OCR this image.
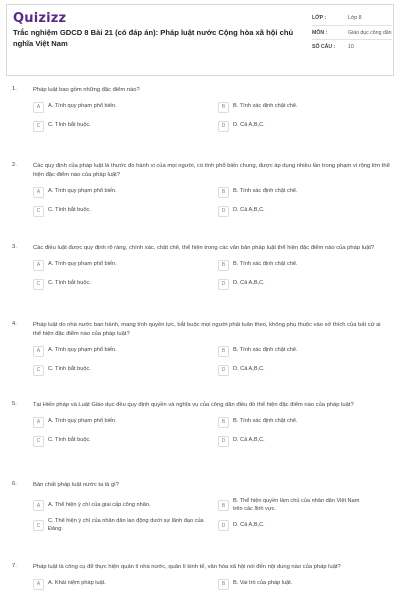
Quizizz
Trắc nghiệm GDCD 8 Bài 21 (có đáp án): Pháp luật nước Cộng hòa xã hội chủ nghĩa Việt Nam
LỚP :	Lớp 8
MÔN :	Giáo dục công dân
SỐ CÂU :	10
1.	Pháp luật bao gồm những đặc điểm nào?
A	A. Tính quy phạm phổ biến.	B	B. Tính xác định chặt chẽ.
C	C. Tính bắt buộc.	D	D. Cả A,B,C.
2.	Các quy định của pháp luật là thước đo hành vi của mọi người, có tính phổ biến chung, được áp dụng nhiều lần trong phạm vi rộng lớn thể hiện đặc điểm nào của pháp luật?
A	A. Tính quy phạm phổ biến.	B	B. Tính xác định chặt chẽ.
C	C. Tính bắt buộc.	D	D. Cả A,B,C.
3.	Các điều luật được quy định rõ ràng, chính xác, chặt chẽ, thể hiện trong các văn bản pháp luật thể hiện đặc điểm nào của pháp luật?
A	A. Tính quy phạm phổ biến.	B	B. Tính xác định chặt chẽ.
C	C. Tính bắt buộc.	D	D. Cả A,B,C.
4.	Pháp luật do nhà nước ban hành, mang tính quyền lực, bắt buộc mọi người phải tuân theo, không phụ thuộc vào sở thích của bất cứ ai thể hiện đặc điểm nào của pháp luật?
A	A. Tính quy phạm phổ biến.	B	B. Tính xác định chặt chẽ.
C	C. Tính bắt buộc.	D	D. Cả A,B,C.
5.	Tại Hiến pháp và Luật Giáo dục đều quy định quyền và nghĩa vụ của công dân điều đó thể hiện đặc điểm nào của pháp luật?
A	A. Tính quy phạm phổ biến.	B	B. Tính xác định chặt chẽ.
C	C. Tính bắt buộc.	D	D. Cả A,B,C.
6.	Bản chất pháp luật nước ta là gì?
A	A. Thể hiện ý chí của giai cấp công nhân.	B
B. Thể hiện quyền làm chủ của nhân dân Việt Nam trên các lĩnh vực.
C
C. Thể hiện ý chí của nhân dân lao động dưới sự lãnh đạo của Đảng.	D	D. Cả A,B,C.
7.	Pháp luật là công cụ để thực hiện quản lí nhà nước, quản lí kinh tế, văn hóa xã hội nói đến nội dung nào của pháp luật?
A	A. Khái niệm pháp luật.	B	B. Vai trò của pháp luật.
